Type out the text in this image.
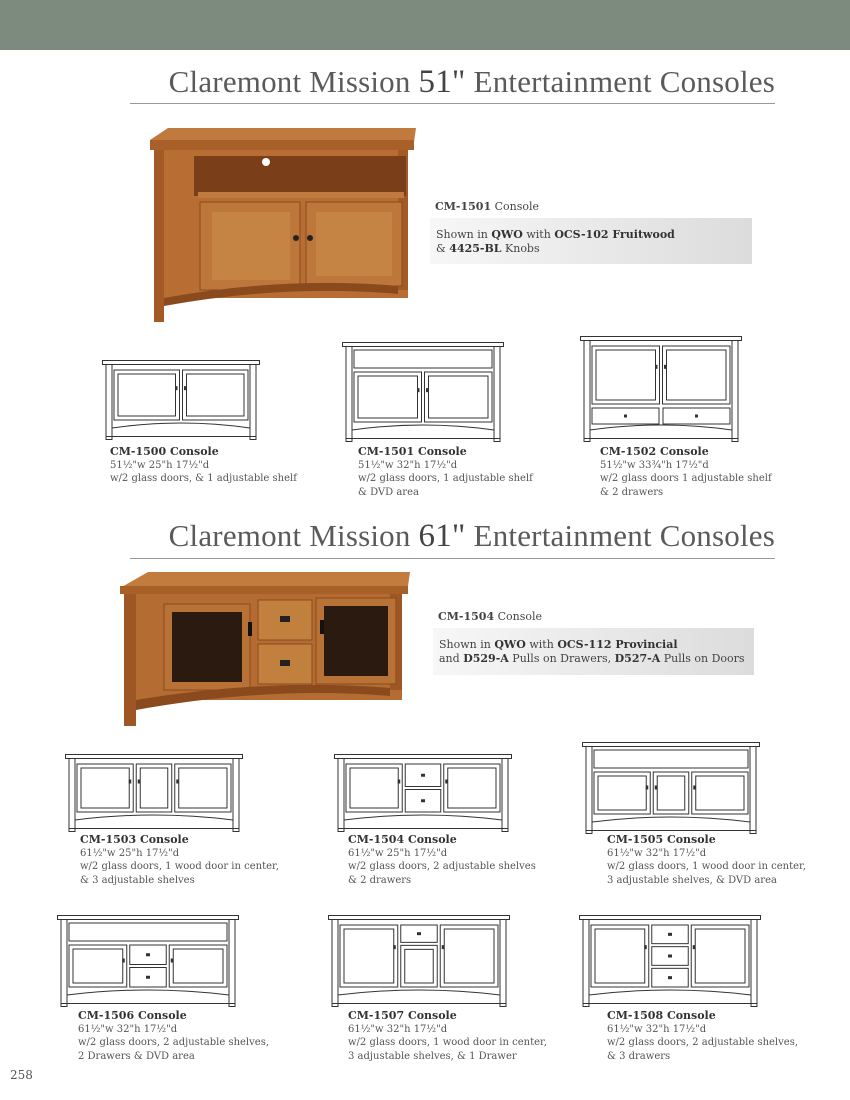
Claremont Mission 51" Entertainment Consoles
CM-1501 Console
Shown in QWO with OCS-102 Fruitwood
& 4425-BL Knobs
CM-1500 Console
51½"w 25"h 17½"d
w/2 glass doors, & 1 adjustable shelf
CM-1501 Console
51½"w 32"h 17½"d
w/2 glass doors, 1 adjustable shelf
& DVD area
CM-1502 Console
51½"w 33¾"h 17½"d
w/2 glass doors 1 adjustable shelf
& 2 drawers
Claremont Mission 61" Entertainment Consoles
CM-1504 Console
Shown in QWO with OCS-112 Provincial
and D529-A Pulls on Drawers, D527-A Pulls on Doors
CM-1503 Console
61½"w 25"h 17½"d
w/2 glass doors, 1 wood door in center,
& 3 adjustable shelves
CM-1504 Console
61½"w 25"h 17½"d
w/2 glass doors, 2 adjustable shelves
& 2 drawers
CM-1505 Console
61½"w 32"h 17½"d
w/2 glass doors, 1 wood door in center,
3 adjustable shelves, & DVD area
CM-1506 Console
61½"w 32"h 17½"d
w/2 glass doors, 2 adjustable shelves,
2 Drawers & DVD area
CM-1507 Console
61½"w 32"h 17½"d
w/2 glass doors, 1 wood door in center,
3 adjustable shelves, & 1 Drawer
CM-1508 Console
61½"w 32"h 17½"d
w/2 glass doors, 2 adjustable shelves,
& 3 drawers
258
